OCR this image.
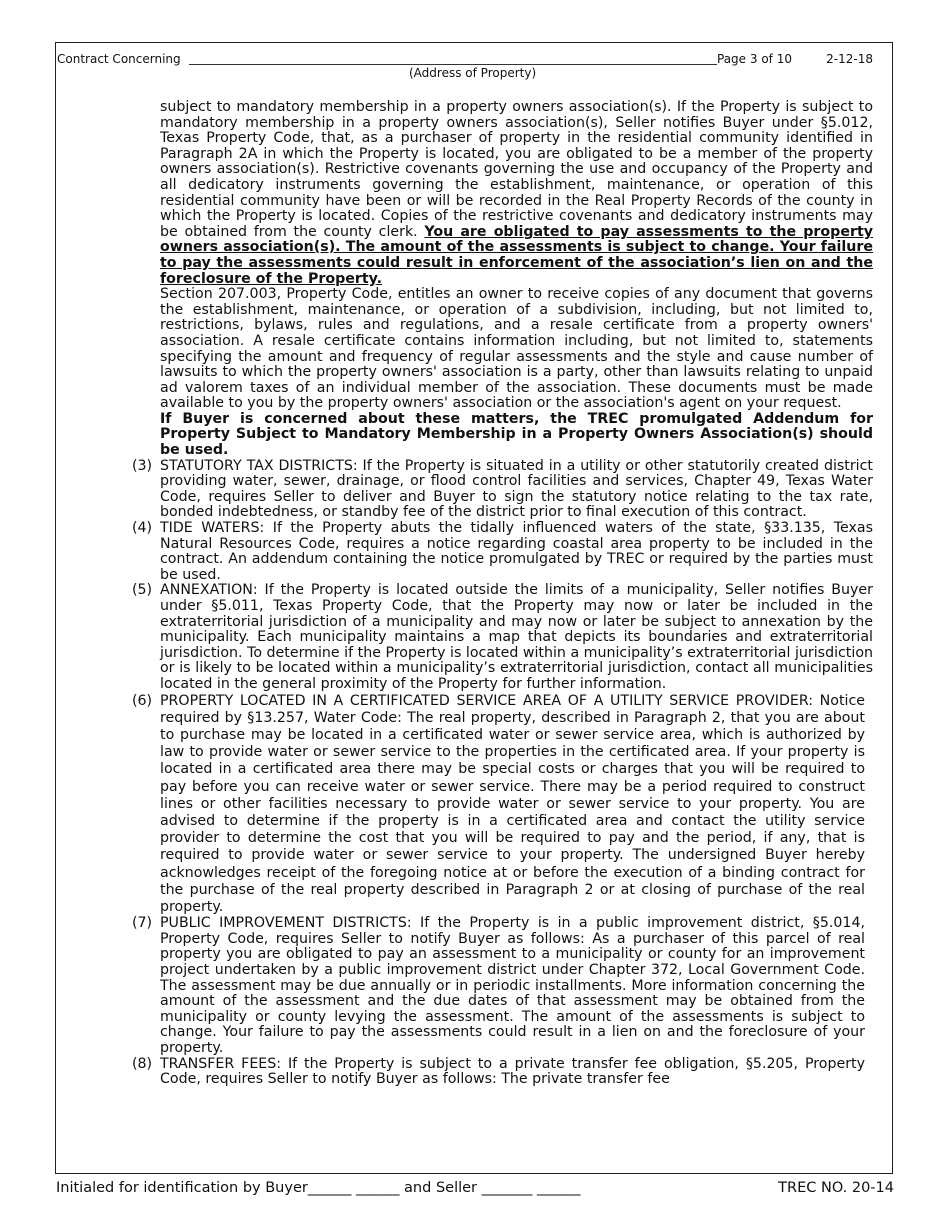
Contract Concerning	Page 3 of 10	2-12-18
(Address of Property)

subject to mandatory membership in a property owners association(s). If the Property is subject to mandatory membership in a property owners association(s), Seller notifies Buyer under §5.012, Texas Property Code, that, as a purchaser of property in the residential community identified in Paragraph 2A in which the Property is located, you are obligated to be a member of the property owners association(s). Restrictive covenants governing the use and occupancy of the Property and all dedicatory instruments governing the establishment, maintenance, or operation of this residential community have been or will be recorded in the Real Property Records of the county in which the Property is located. Copies of the restrictive covenants and dedicatory instruments may be obtained from the county clerk. You are obligated to pay assessments to the property owners association(s). The amount of the assessments is subject to change. Your failure to pay the assessments could result in enforcement of the association’s lien on and the foreclosure of the Property.

Section 207.003, Property Code, entitles an owner to receive copies of any document that governs the establishment, maintenance, or operation of a subdivision, including, but not limited to, restrictions, bylaws, rules and regulations, and a resale certificate from a property owners' association. A resale certificate contains information including, but not limited to, statements specifying the amount and frequency of regular assessments and the style and cause number of lawsuits to which the property owners' association is a party, other than lawsuits relating to unpaid ad valorem taxes of an individual member of the association. These documents must be made available to you by the property owners' association or the association's agent on your request.

If Buyer is concerned about these matters, the TREC promulgated Addendum for Property Subject to Mandatory Membership in a Property Owners Association(s) should be used.

(3) STATUTORY TAX DISTRICTS: If the Property is situated in a utility or other statutorily created district providing water, sewer, drainage, or flood control facilities and services, Chapter 49, Texas Water Code, requires Seller to deliver and Buyer to sign the statutory notice relating to the tax rate, bonded indebtedness, or standby fee of the district prior to final execution of this contract.
(4) TIDE WATERS: If the Property abuts the tidally influenced waters of the state, §33.135, Texas Natural Resources Code, requires a notice regarding coastal area property to be included in the contract. An addendum containing the notice promulgated by TREC or required by the parties must be used.
(5) ANNEXATION: If the Property is located outside the limits of a municipality, Seller notifies Buyer under §5.011, Texas Property Code, that the Property may now or later be included in the extraterritorial jurisdiction of a municipality and may now or later be subject to annexation by the municipality. Each municipality maintains a map that depicts its boundaries and extraterritorial jurisdiction. To determine if the Property is located within a municipality’s extraterritorial jurisdiction or is likely to be located within a municipality’s extraterritorial jurisdiction, contact all municipalities located in the general proximity of the Property for further information.
(6) PROPERTY LOCATED IN A CERTIFICATED SERVICE AREA OF A UTILITY SERVICE PROVIDER: Notice required by §13.257, Water Code: The real property, described in Paragraph 2, that you are about to purchase may be located in a certificated water or sewer service area, which is authorized by law to provide water or sewer service to the properties in the certificated area. If your property is located in a certificated area there may be special costs or charges that you will be required to pay before you can receive water or sewer service. There may be a period required to construct lines or other facilities necessary to provide water or sewer service to your property. You are advised to determine if the property is in a certificated area and contact the utility service provider to determine the cost that you will be required to pay and the period, if any, that is required to provide water or sewer service to your property. The undersigned Buyer hereby acknowledges receipt of the foregoing notice at or before the execution of a binding contract for the purchase of the real property described in Paragraph 2 or at closing of purchase of the real property.
(7) PUBLIC IMPROVEMENT DISTRICTS: If the Property is in a public improvement district, §5.014, Property Code, requires Seller to notify Buyer as follows: As a purchaser of this parcel of real property you are obligated to pay an assessment to a municipality or county for an improvement project undertaken by a public improvement district under Chapter 372, Local Government Code. The assessment may be due annually or in periodic installments. More information concerning the amount of the assessment and the due dates of that assessment may be obtained from the municipality or county levying the assessment. The amount of the assessments is subject to change. Your failure to pay the assessments could result in a lien on and the foreclosure of your property.
(8) TRANSFER FEES: If the Property is subject to a private transfer fee obligation, §5.205, Property Code, requires Seller to notify Buyer as follows: The private transfer fee
Initialed for identification by Buyer______ ______ and Seller _______ ______	TREC NO. 20-14
